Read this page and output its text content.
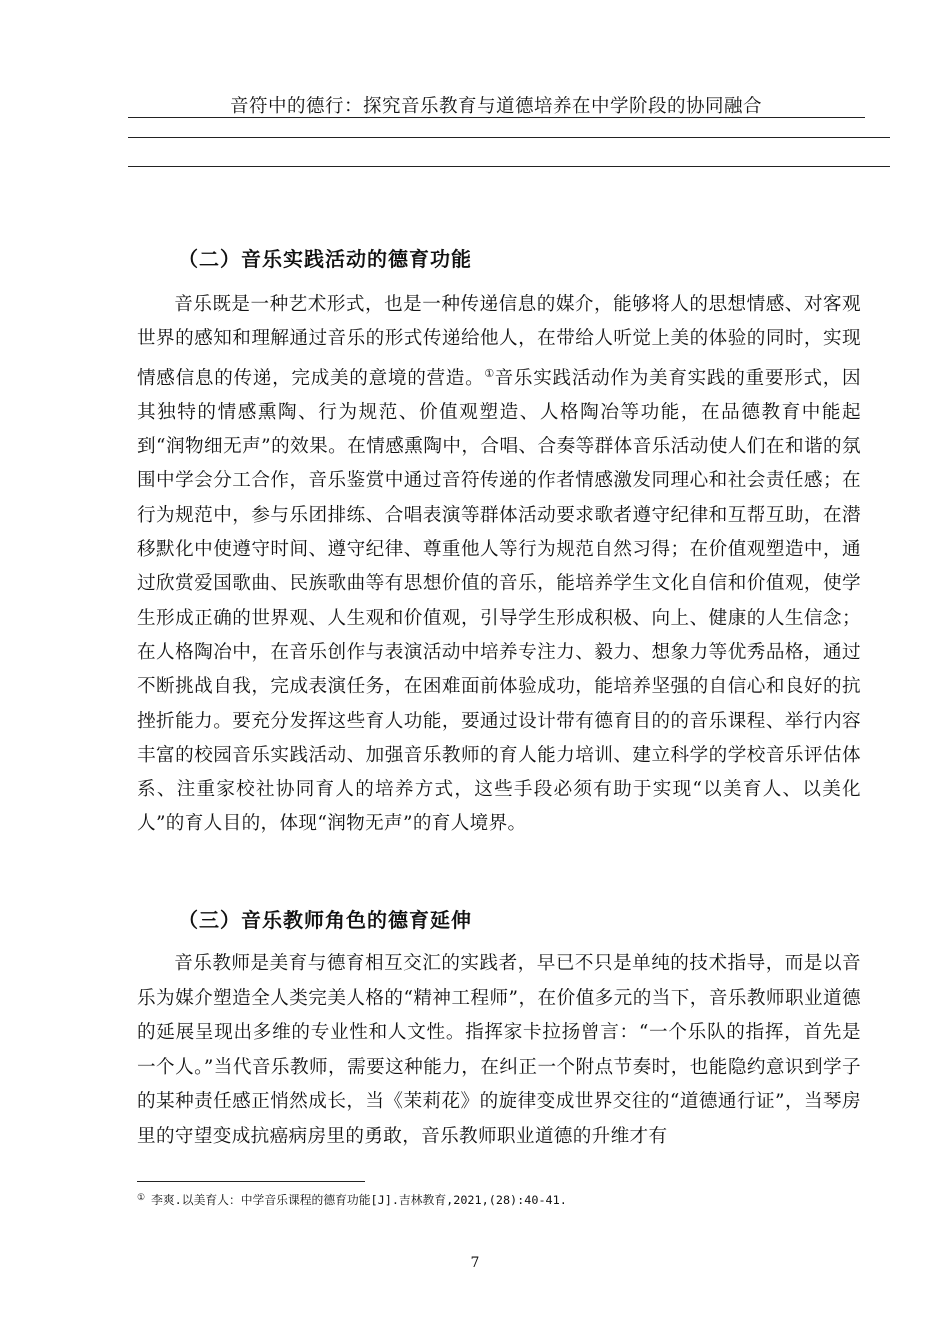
音符中的德行：探究音乐教育与道德培养在中学阶段的协同融合
（二）音乐实践活动的德育功能

音乐既是一种艺术形式，也是一种传递信息的媒介，能够将人的思想情感、对客观世界的感知和理解通过音乐的形式传递给他人，在带给人听觉上美的体验的同时，实现情感信息的传递，完成美的意境的营造。①音乐实践活动作为美育实践的重要形式，因其独特的情感熏陶、行为规范、价值观塑造、人格陶冶等功能，在品德教育中能起到“润物细无声”的效果。在情感熏陶中，合唱、合奏等群体音乐活动使人们在和谐的氛围中学会分工合作，音乐鉴赏中通过音符传递的作者情感激发同理心和社会责任感；在行为规范中，参与乐团排练、合唱表演等群体活动要求歌者遵守纪律和互帮互助，在潜移默化中使遵守时间、遵守纪律、尊重他人等行为规范自然习得；在价值观塑造中，通过欣赏爱国歌曲、民族歌曲等有思想价值的音乐，能培养学生文化自信和价值观，使学生形成正确的世界观、人生观和价值观，引导学生形成积极、向上、健康的人生信念；在人格陶冶中，在音乐创作与表演活动中培养专注力、毅力、想象力等优秀品格，通过不断挑战自我，完成表演任务，在困难面前体验成功，能培养坚强的自信心和良好的抗挫折能力。要充分发挥这些育人功能，要通过设计带有德育目的的音乐课程、举行内容丰富的校园音乐实践活动、加强音乐教师的育人能力培训、建立科学的学校音乐评估体系、注重家校社协同育人的培养方式，这些手段必须有助于实现“以美育人、以美化人”的育人目的，体现“润物无声”的育人境界。

（三）音乐教师角色的德育延伸

音乐教师是美育与德育相互交汇的实践者，早已不只是单纯的技术指导，而是以音乐为媒介塑造全人类完美人格的“精神工程师”，在价值多元的当下，音乐教师职业道德的延展呈现出多维的专业性和人文性。指挥家卡拉扬曾言：“一个乐队的指挥，首先是一个人。”当代音乐教师，需要这种能力，在纠正一个附点节奏时，也能隐约意识到学子的某种责任感正悄然成长，当《茉莉花》的旋律变成世界交往的“道德通行证”，当琴房里的守望变成抗癌病房里的勇敢，音乐教师职业道德的升维才有

① 李爽.以美育人：中学音乐课程的德育功能[J].吉林教育,2021,(28):40-41.
7
